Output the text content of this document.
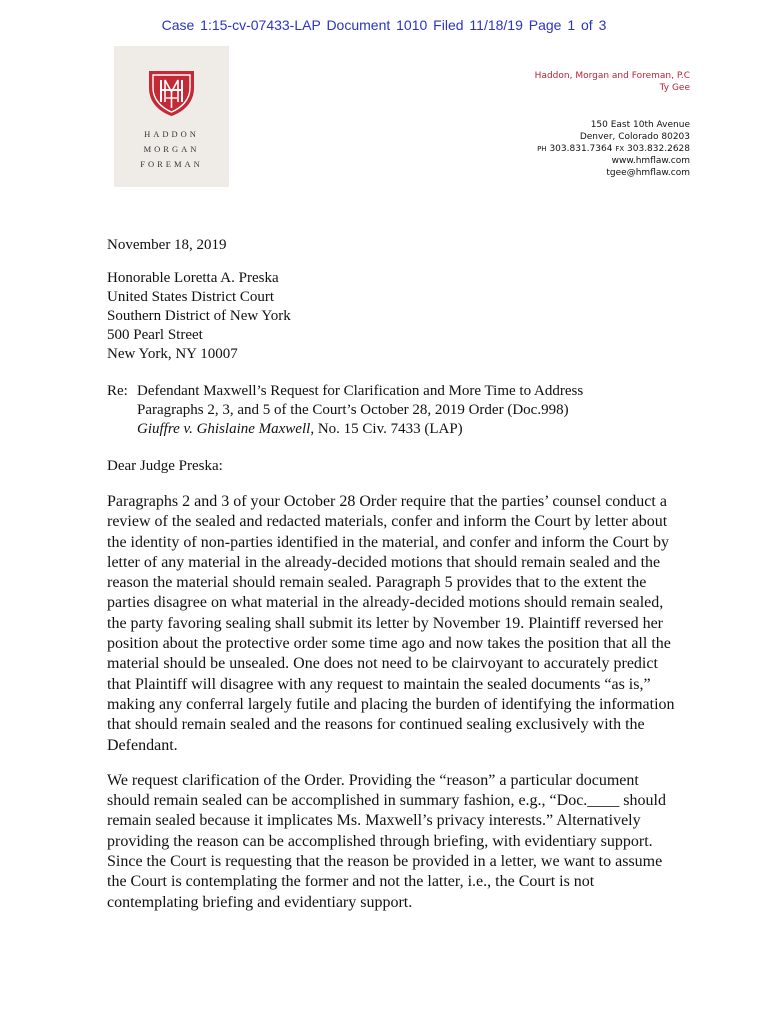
Case 1:15-cv-07433-LAP Document 1010 Filed 11/18/19 Page 1 of 3
HADDON
MORGAN
FOREMAN
Haddon, Morgan and Foreman, P.C
Ty Gee
150 East 10th Avenue
Denver, Colorado 80203
PH 303.831.7364 FX 303.832.2628
www.hmflaw.com
tgee@hmflaw.com
November 18, 2019
Honorable Loretta A. Preska
United States District Court
Southern District of New York
500 Pearl Street
New York, NY 10007
Re: Defendant Maxwell’s Request for Clarification and More Time to Address
Paragraphs 2, 3, and 5 of the Court’s October 28, 2019 Order (Doc.998)
Giuffre v. Ghislaine Maxwell, No. 15 Civ. 7433 (LAP)
Dear Judge Preska:

Paragraphs 2 and 3 of your October 28 Order require that the parties’ counsel conduct a review of the sealed and redacted materials, confer and inform the Court by letter about the identity of non-parties identified in the material, and confer and inform the Court by letter of any material in the already-decided motions that should remain sealed and the reason the material should remain sealed. Paragraph 5 provides that to the extent the parties disagree on what material in the already-decided motions should remain sealed, the party favoring sealing shall submit its letter by November 19. Plaintiff reversed her position about the protective order some time ago and now takes the position that all the material should be unsealed. One does not need to be clairvoyant to accurately predict that Plaintiff will disagree with any request to maintain the sealed documents “as is,” making any conferral largely futile and placing the burden of identifying the information that should remain sealed and the reasons for continued sealing exclusively with the Defendant.

We request clarification of the Order. Providing the “reason” a particular document should remain sealed can be accomplished in summary fashion, e.g., “Doc.____ should remain sealed because it implicates Ms. Maxwell’s privacy interests.” Alternatively providing the reason can be accomplished through briefing, with evidentiary support. Since the Court is requesting that the reason be provided in a letter, we want to assume the Court is contemplating the former and not the latter, i.e., the Court is not contemplating briefing and evidentiary support.
